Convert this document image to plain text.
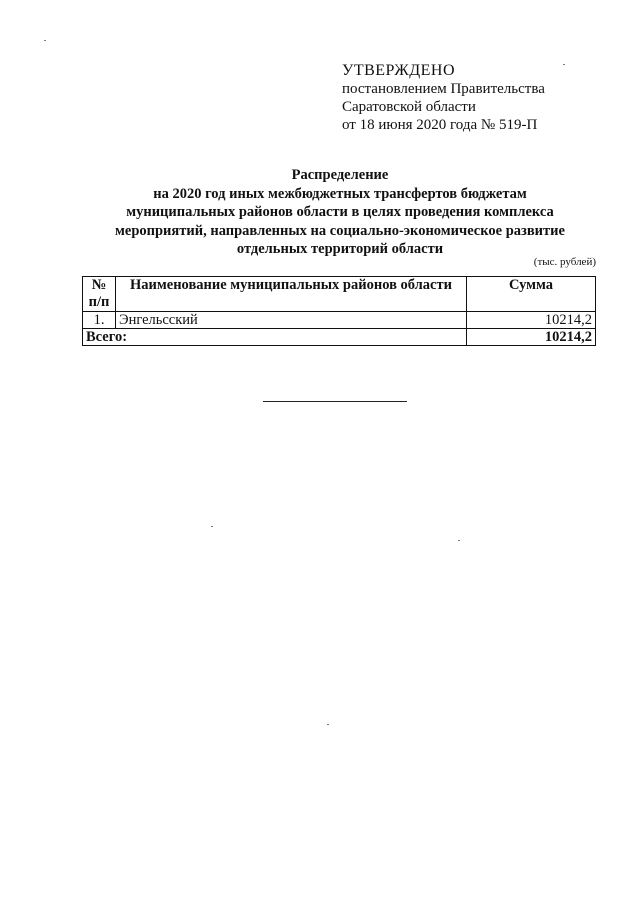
УТВЕРЖДЕНО
постановлением Правительства
Саратовской области
от 18 июня 2020 года № 519-П
Распределение
на 2020 год иных межбюджетных трансфертов бюджетам
муниципальных районов области в целях проведения комплекса
мероприятий, направленных на социально-экономическое развитие
отдельных территорий области
(тыс. рублей)
№ п/п	Наименование муниципальных районов области	Сумма
1.	Энгельсский	10214,2
Всего:		10214,2
